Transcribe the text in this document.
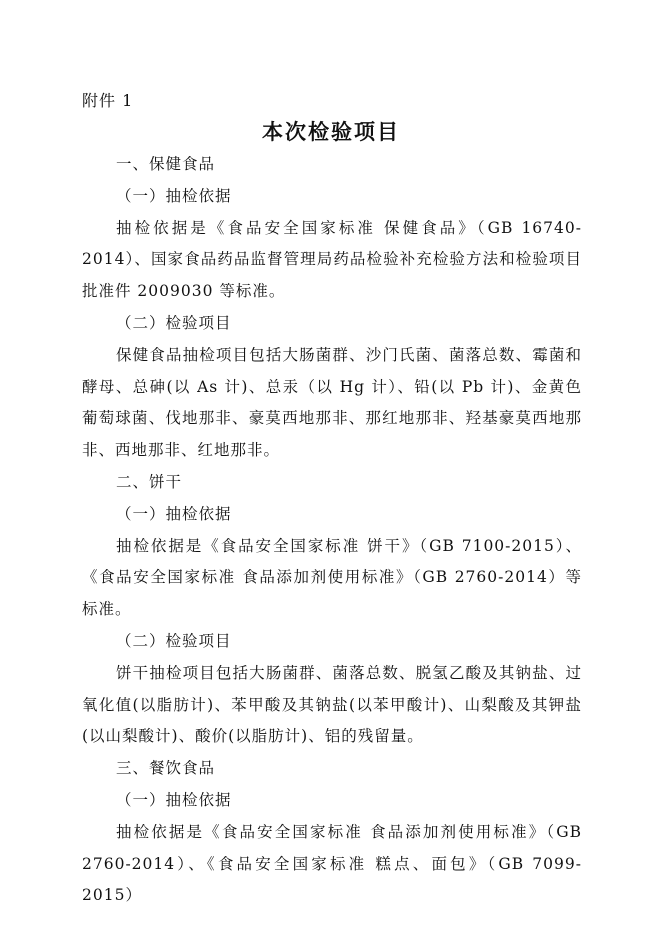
附件 1
本次检验项目

一、保健食品

（一）抽检依据

抽检依据是《食品安全国家标准 保健食品》（GB 16740-2014）、国家食品药品监督管理局药品检验补充检验方法和检验项目批准件 2009030 等标准。

（二）检验项目

保健食品抽检项目包括大肠菌群、沙门氏菌、菌落总数、霉菌和酵母、总砷(以 As 计)、总汞（以 Hg 计）、铅(以 Pb 计)、金黄色葡萄球菌、伐地那非、豪莫西地那非、那红地那非、羟基豪莫西地那非、西地那非、红地那非。

二、饼干

（一）抽检依据

抽检依据是《食品安全国家标准 饼干》（GB 7100-2015）、《食品安全国家标准 食品添加剂使用标准》（GB 2760-2014）等标准。

（二）检验项目

饼干抽检项目包括大肠菌群、菌落总数、脱氢乙酸及其钠盐、过氧化值(以脂肪计)、苯甲酸及其钠盐(以苯甲酸计)、山梨酸及其钾盐(以山梨酸计)、酸价(以脂肪计)、铝的残留量。

三、餐饮食品

（一）抽检依据

抽检依据是《食品安全国家标准 食品添加剂使用标准》（GB 2760-2014）、《食品安全国家标准 糕点、面包》（GB 7099-2015）
